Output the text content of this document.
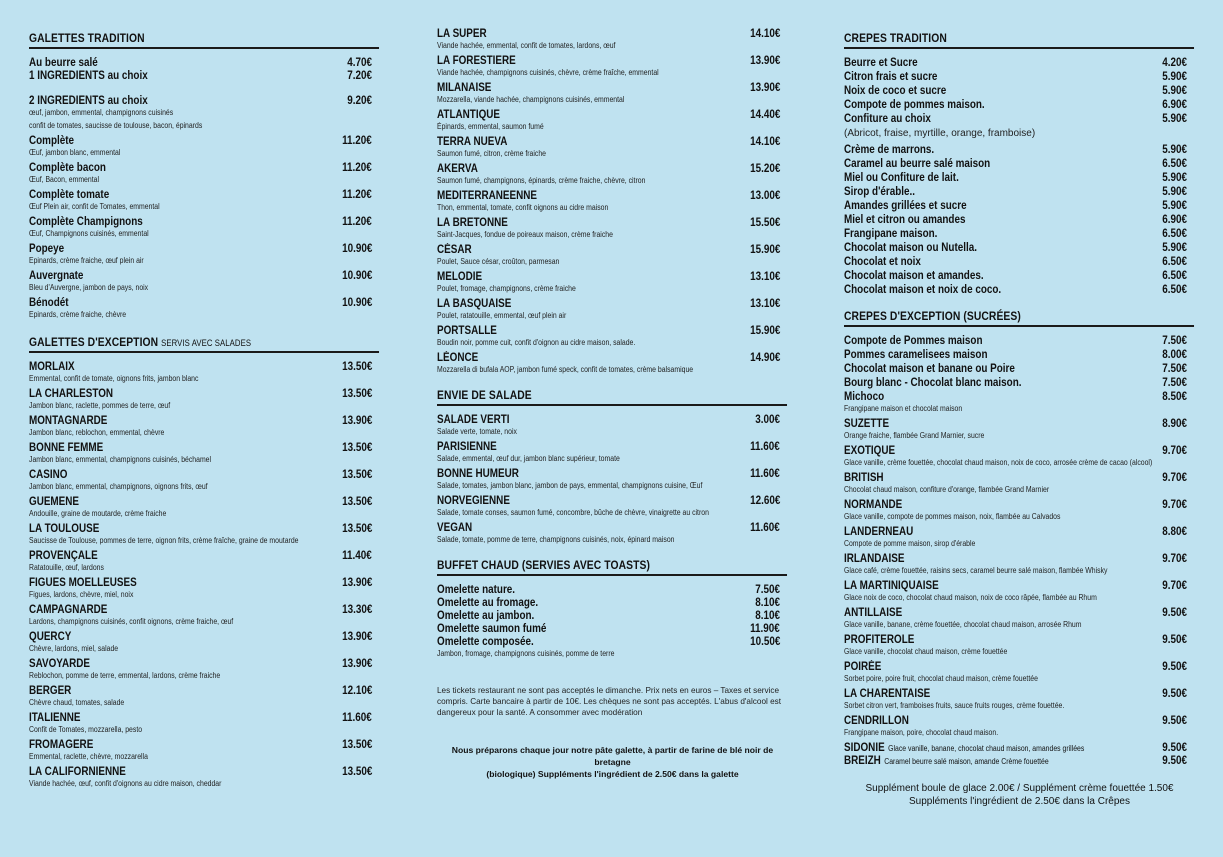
GALETTES TRADITION
Au beurre salé	4.70€
1 INGREDIENTS au choix	7.20€
2 INGREDIENTS au choix	9.20€
œuf, jambon, emmental, champignons cuisinés
confit de tomates, saucisse de toulouse, bacon, épinards
Complète	11.20€
Œuf, jambon blanc, emmental
Complète bacon	11.20€
Œuf, Bacon, emmental
Complète tomate	11.20€
Œuf Plein air, confit de Tomates, emmental
Complète Champignons	11.20€
Œuf, Champignons cuisinés, emmental
Popeye	10.90€
Epinards, crème fraiche, œuf plein air
Auvergnate	10.90€
Bleu d'Auvergne, jambon de pays, noix
Bénodét	10.90€
Epinards, crème fraiche, chèvre
GALETTES D'EXCEPTION SERVIS AVEC SALADES
MORLAIX	13.50€
Emmental, confit de tomate, oignons frits, jambon blanc
LA CHARLESTON	13.50€
Jambon blanc, raclette, pommes de terre, œuf
MONTAGNARDE	13.90€
Jambon blanc, reblochon, emmental, chèvre
BONNE FEMME	13.50€
Jambon blanc, emmental, champignons cuisinés, béchamel
CASINO	13.50€
Jambon blanc, emmental, champignons, oignons frits, œuf
GUEMENE	13.50€
Andouille, graine de moutarde, crème fraiche
LA TOULOUSE	13.50€
Saucisse de Toulouse, pommes de terre, oignon frits, crème fraîche, graine de moutarde
PROVENÇALE	11.40€
Ratatouille, œuf, lardons
FIGUES MOELLEUSES	13.90€
Figues, lardons, chèvre, miel, noix
CAMPAGNARDE	13.30€
Lardons, champignons cuisinés, confit oignons, crème fraiche, œuf
QUERCY	13.90€
Chèvre, lardons, miel, salade
SAVOYARDE	13.90€
Reblochon, pomme de terre, emmental, lardons, crème fraiche
BERGER	12.10€
Chèvre chaud, tomates, salade
ITALIENNE	11.60€
Confit de Tomates, mozzarella, pesto
FROMAGERE	13.50€
Emmental, raclette, chèvre, mozzarella
LA CALIFORNIENNE	13.50€
Viande hachée, œuf, confit d'oignons au cidre maison, cheddar
LA SUPER	14.10€
Viande hachée, emmental, confit de tomates, lardons, œuf
LA FORESTIERE	13.90€
Viande hachée, champignons cuisinés, chèvre, crème fraîche, emmental
MILANAISE	13.90€
Mozzarella, viande hachée, champignons cuisinés, emmental
ATLANTIQUE	14.40€
Épinards, emmental, saumon fumé
TERRA NUEVA	14.10€
Saumon fumé, citron, crème fraiche
AKERVA	15.20€
Saumon fumé, champignons, épinards, crème fraiche, chèvre, citron
MEDITERRANEENNE	13.00€
Thon, emmental, tomate, confit oignons au cidre maison
LA BRETONNE	15.50€
Saint-Jacques, fondue de poireaux maison, crème fraiche
CÉSAR	15.90€
Poulet, Sauce césar, croûton, parmesan
MELODIE	13.10€
Poulet, fromage, champignons, crème fraiche
LA BASQUAISE	13.10€
Poulet, ratatouille, emmental, œuf plein air
PORTSALLE	15.90€
Boudin noir, pomme cuit, confit d'oignon au cidre maison, salade.
LÉONCE	14.90€
Mozzarella di bufala AOP, jambon fumé speck, confit de tomates, crème balsamique
ENVIE DE SALADE
SALADE VERTI	3.00€
Salade verte, tomate, noix
PARISIENNE	11.60€
Salade, emmental, œuf dur, jambon blanc supérieur, tomate
BONNE HUMEUR	11.60€
Salade, tomates, jambon blanc, jambon de pays, emmental, champignons cuisine, Œuf
NORVEGIENNE	12.60€
Salade, tomate conses, saumon fumé, concombre, bûche de chèvre, vinaigrette au citron
VEGAN	11.60€
Salade, tomate, pomme de terre, champignons cuisinés, noix, épinard maison
BUFFET CHAUD (SERVIES AVEC TOASTS)
Omelette nature.	7.50€
Omelette au fromage.	8.10€
Omelette au jambon.	8.10€
Omelette saumon fumé	11.90€
Omelette composée.	10.50€
Jambon, fromage, champignons cuisinés, pomme de terre
Les tickets restaurant ne sont pas acceptés le dimanche. Prix nets en euros – Taxes et service compris. Carte bancaire à partir de 10€. Les chèques ne sont pas acceptés. L'abus d'alcool est dangereux pour la santé. A consommer avec modération
Nous préparons chaque jour notre pâte galette, à partir de farine de blé noir de bretagne
(biologique) Suppléments l'ingrédient de 2.50€ dans la galette
CREPES TRADITION
Beurre et Sucre	4.20€
Citron frais et sucre	5.90€
Noix de coco et sucre	5.90€
Compote de pommes maison.	6.90€
Confiture au choix	5.90€
(Abricot, fraise, myrtille, orange, framboise)
Crème de marrons.	5.90€
Caramel au beurre salé maison	6.50€
Miel ou Confiture de lait.	5.90€
Sirop d'érable..	5.90€
Amandes grillées et sucre	5.90€
Miel et citron ou amandes	6.90€
Frangipane maison.	6.50€
Chocolat maison ou Nutella.	5.90€
Chocolat et noix	6.50€
Chocolat maison et amandes.	6.50€
Chocolat maison et noix de coco.	6.50€
CREPES D'EXCEPTION (SUCRÉES)
Compote de Pommes maison	7.50€
Pommes caramelisees maison	8.00€
Chocolat maison et banane ou Poire	7.50€
Bourg blanc - Chocolat blanc maison.	7.50€
Michoco	8.50€
Frangipane maison et chocolat maison
SUZETTE	8.90€
Orange fraiche, flambée Grand Marnier, sucre
EXOTIQUE	9.70€
Glace vanille, crème fouettée, chocolat chaud maison, noix de coco, arrosée crème de cacao (alcool)
BRITISH	9.70€
Chocolat chaud maison, confiture d'orange, flambée Grand Marnier
NORMANDE	9.70€
Glace vanille, compote de pommes maison, noix, flambée au Calvados
LANDERNEAU	8.80€
Compote de pomme maison, sirop d'érable
IRLANDAISE	9.70€
Glace café, crème fouettée, raisins secs, caramel beurre salé maison, flambée Whisky
LA MARTINIQUAISE	9.70€
Glace noix de coco, chocolat chaud maison, noix de coco râpée, flambée au Rhum
ANTILLAISE	9.50€
Glace vanille, banane, crème fouettée, chocolat chaud maison, arrosée Rhum
PROFITEROLE	9.50€
Glace vanille, chocolat chaud maison, crème fouettée
POIRÉE	9.50€
Sorbet poire, poire fruit, chocolat chaud maison, crème fouettée
LA CHARENTAISE	9.50€
Sorbet citron vert, framboises fruits, sauce fruits rouges, crème fouettée.
CENDRILLON	9.50€
Frangipane maison, poire, chocolat chaud maison.
SIDONIE Glace vanille, banane, chocolat chaud maison, amandes grillées	9.50€
BREIZH Caramel beurre salé maison, amande Crème fouettée	9.50€
Supplément boule de glace 2.00€ / Supplément crème fouettée 1.50€
Suppléments l'ingrédient de 2.50€ dans la Crêpes
